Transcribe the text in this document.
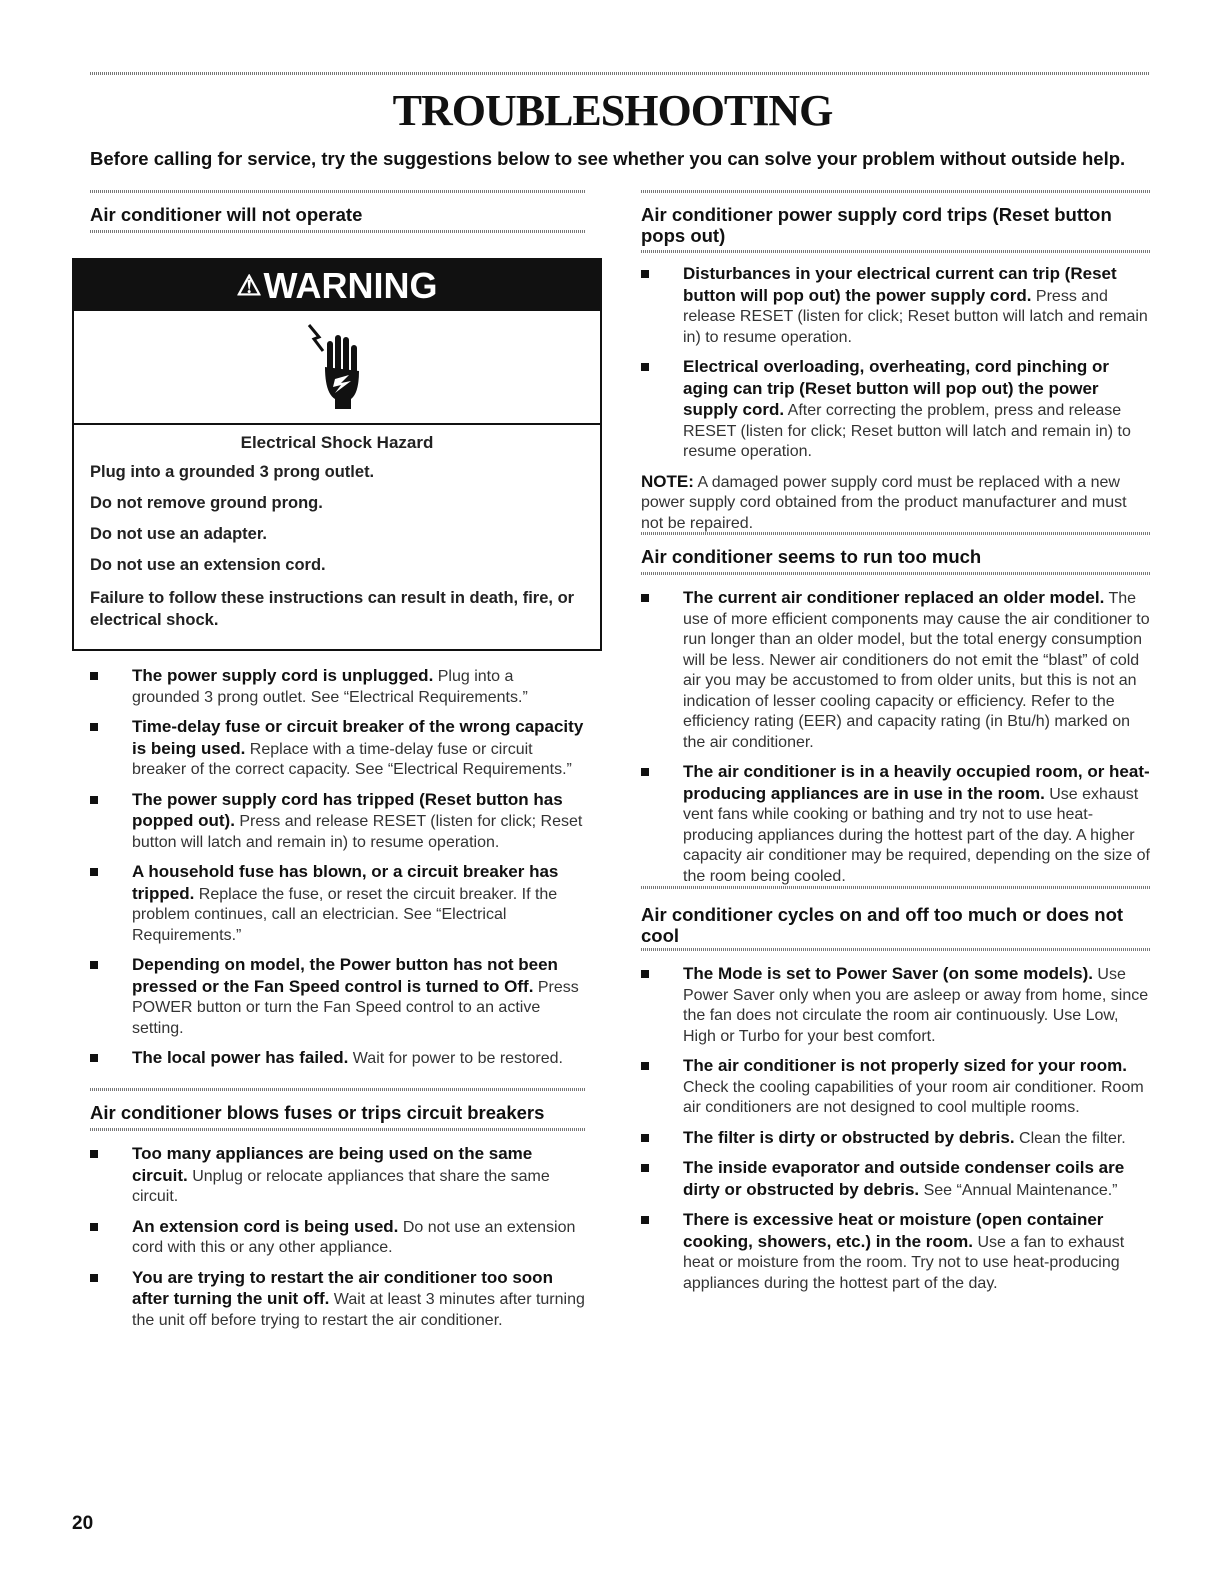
TROUBLESHOOTING

Before calling for service, try the suggestions below to see whether you can solve your problem without outside help.

Air conditioner will not operate
⚠ WARNING

Electrical Shock Hazard

Plug into a grounded 3 prong outlet.

Do not remove ground prong.

Do not use an adapter.

Do not use an extension cord.

Failure to follow these instructions can result in death, fire, or electrical shock.

The power supply cord is unplugged. Plug into a grounded 3 prong outlet. See “Electrical Requirements.”
Time-delay fuse or circuit breaker of the wrong capacity is being used. Replace with a time-delay fuse or circuit breaker of the correct capacity. See “Electrical Requirements.”
The power supply cord has tripped (Reset button has popped out). Press and release RESET (listen for click; Reset button will latch and remain in) to resume operation.
A household fuse has blown, or a circuit breaker has tripped. Replace the fuse, or reset the circuit breaker. If the problem continues, call an electrician. See “Electrical Requirements.”
Depending on model, the Power button has not been pressed or the Fan Speed control is turned to Off. Press POWER button or turn the Fan Speed control to an active setting.
The local power has failed. Wait for power to be restored.
Air conditioner blows fuses or trips circuit breakers
Too many appliances are being used on the same circuit. Unplug or relocate appliances that share the same circuit.
An extension cord is being used. Do not use an extension cord with this or any other appliance.
You are trying to restart the air conditioner too soon after turning the unit off. Wait at least 3 minutes after turning the unit off before trying to restart the air conditioner.
Air conditioner power supply cord trips (Reset button pops out)
Disturbances in your electrical current can trip (Reset button will pop out) the power supply cord. Press and release RESET (listen for click; Reset button will latch and remain in) to resume operation.
Electrical overloading, overheating, cord pinching or aging can trip (Reset button will pop out) the power supply cord. After correcting the problem, press and release RESET (listen for click; Reset button will latch and remain in) to resume operation.

NOTE: A damaged power supply cord must be replaced with a new power supply cord obtained from the product manufacturer and must not be repaired.

Air conditioner seems to run too much
The current air conditioner replaced an older model. The use of more efficient components may cause the air conditioner to run longer than an older model, but the total energy consumption will be less. Newer air conditioners do not emit the “blast” of cold air you may be accustomed to from older units, but this is not an indication of lesser cooling capacity or efficiency. Refer to the efficiency rating (EER) and capacity rating (in Btu/h) marked on the air conditioner.
The air conditioner is in a heavily occupied room, or heat-producing appliances are in use in the room. Use exhaust vent fans while cooking or bathing and try not to use heat-producing appliances during the hottest part of the day. A higher capacity air conditioner may be required, depending on the size of the room being cooled.
Air conditioner cycles on and off too much or does not cool
The Mode is set to Power Saver (on some models). Use Power Saver only when you are asleep or away from home, since the fan does not circulate the room air continuously. Use Low, High or Turbo for your best comfort.
The air conditioner is not properly sized for your room. Check the cooling capabilities of your room air conditioner. Room air conditioners are not designed to cool multiple rooms.
The filter is dirty or obstructed by debris. Clean the filter.
The inside evaporator and outside condenser coils are dirty or obstructed by debris. See “Annual Maintenance.”
There is excessive heat or moisture (open container cooking, showers, etc.) in the room. Use a fan to exhaust heat or moisture from the room. Try not to use heat-producing appliances during the hottest part of the day.

20
